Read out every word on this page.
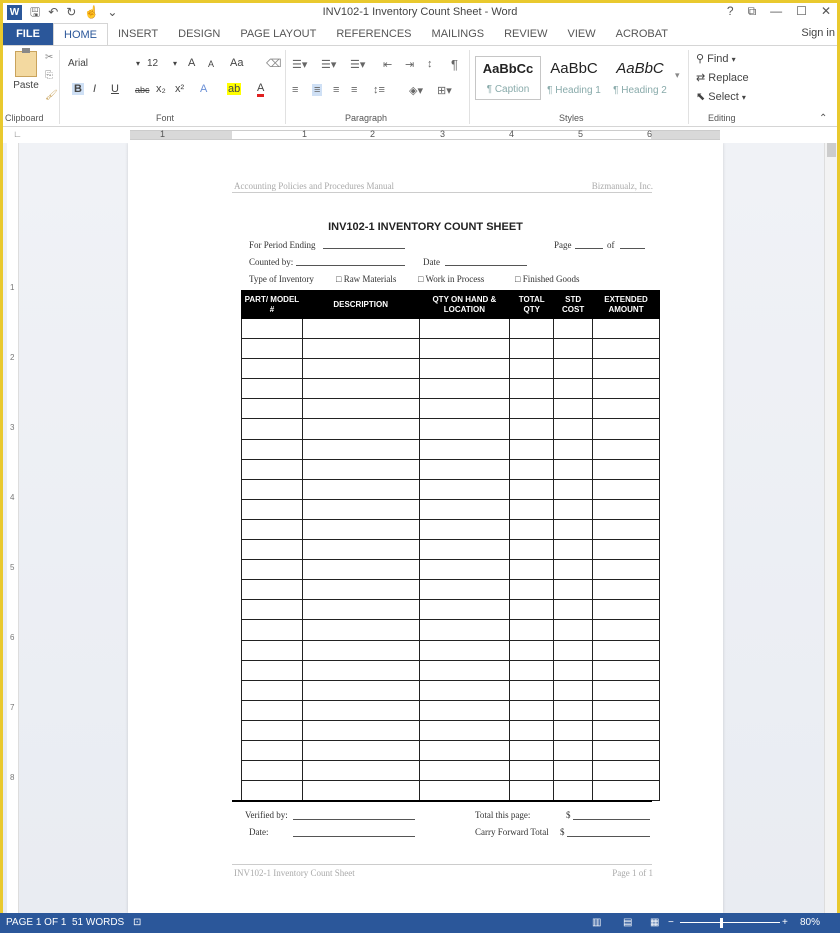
W 🖫 ↶ ↻ ☝ ⌄	INV102-1 Inventory Count Sheet - Word	? ⧉ — ☐ ✕
FILE	HOME	INSERT	DESIGN	PAGE LAYOUT	REFERENCES	MAILINGS	REVIEW	VIEW	ACROBAT	Sign in
Paste
✂
⎘
🖌
Arial	▾ 12 ▾ A A Aa ⌫
B I U abc x₂ x² A ab A
☰▾ ☰▾ ☰▾ ⇤ ⇥ ↕ ¶
≡ ≡ ≡ ≡ ↕≡ ◈▾ ⊞▾
AaBbCc
¶ Caption
AaBbC
¶ Heading 1
AaBbC
¶ Heading 2
▾
⚲ Find ▾
⇄ Replace
⬉ Select ▾
Clipboard	Font	Paragraph	Styles	Editing	⌃
∟	1	1	2	3	4	5	6
1
2
3
4
5
6
7
8
Accounting Policies and Procedures Manual	Bizmanualz, Inc.
INV102-1 INVENTORY COUNT SHEET
For Period Ending	Page	of
Counted by:	Date
Type of Inventory □ Raw Materials □ Work in Process	□ Finished Goods
PART/ MODEL #	DESCRIPTION	QTY ON HAND & LOCATION	TOTAL QTY	STD COST	EXTENDED AMOUNT

Verified by:
Date:
Total this page:	$
Carry Forward Total $
INV102-1 Inventory Count Sheet	Page 1 of 1
PAGE 1 OF 1 51 WORDS ⊡	▥ ▤ ▦ −	+ 80%
